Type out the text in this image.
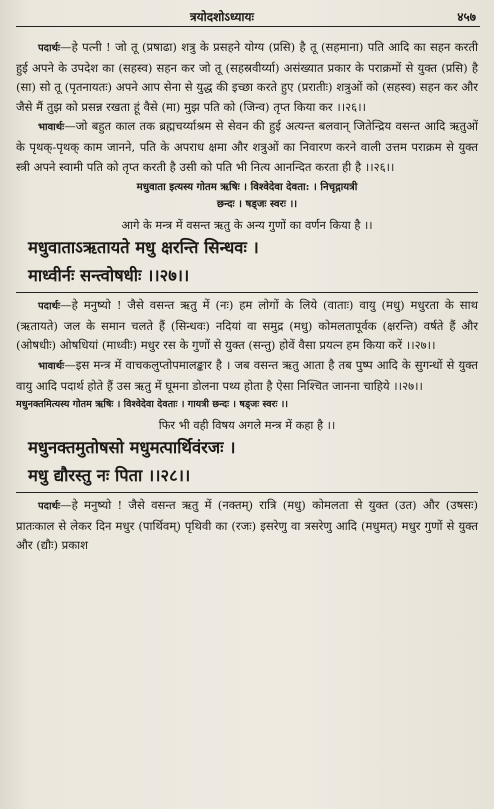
त्रयोदशोऽध्यायः	४५७

पदार्थः—हे पत्नी ! जो तू (प्रषाढा) शत्रु के प्रसहने योग्य (प्रसि) है तू (सहमाना) पति आदि का सहन करती हुई अपने के उपदेश का (सहस्व) सहन कर जो तू (सहस्रवीर्य्या) असंख्यात प्रकार के पराक्रमों से युक्त (प्रसि) है (सा) सो तू (पृतनायतः) अपने आप सेना से युद्ध की इच्छा करते हुए (प्ररातीः) शत्रुओं को (सहस्व) सहन कर और जैसे मैं तुझ को प्रसन्न रखता हूं वैसे (मा) मुझ पति को (जिन्व) तृप्त किया कर ।।२६।।

भावार्थः—जो बहुत काल तक ब्रह्मचर्य्याश्रम से सेवन की हुई अत्यन्त बलवान् जितेन्द्रिय वसन्त आदि ऋतुओं के पृथक्-पृथक् काम जानने, पति के अपराध क्षमा और शत्रुओं का निवारण करने वाली उत्तम पराक्रम से युक्त स्त्री अपने स्वामी पति को तृप्त करती है उसी को पति भी नित्य आनन्दित करता ही है ।।२६।।

मधुवाता इत्यस्य गोतम ऋषिः । विश्वेदेवा देवता: । निचृद्गायत्री

छन्दः । षड्जः स्वरः ।।

आगे के मन्त्र में वसन्त ऋतु के अन्य गुणों का वर्णन किया है ।।

मधुवाताऽऋतायते मधु क्षरन्ति सिन्धवः ।

माध्वीर्नः सन्त्वोषधीः ।।२७।।

पदार्थः—हे मनुष्यो ! जैसे वसन्त ऋतु में (नः) हम लोगों के लिये (वाताः) वायु (मधु) मधुरता के साथ (ऋतायते) जल के समान चलते हैं (सिन्धवः) नदियां वा समुद्र (मधु) कोमलतापूर्वक (क्षरन्ति) वर्षते हैं और (ओषधीः) ओषधियां (माध्वीः) मधुर रस के गुणों से युक्त (सन्तु) होवें वैसा प्रयत्न हम किया करें ।।२७।।

भावार्थः—इस मन्त्र में वाचकलुप्तोपमालङ्कार है । जब वसन्त ऋतु आता है तब पुष्प आदि के सुगन्धों से युक्त वायु आदि पदार्थ होते हैं उस ऋतु में घूमना डोलना पथ्य होता है ऐसा निश्चित जानना चाहिये ।।२७।।

मधुनक्तमित्यस्य गोतम ऋषिः । विश्वेदेवा देवताः । गायत्री छन्दः । षड्जः स्वरः ।।

फिर भी वही विषय अगले मन्त्र में कहा है ।।

मधुनक्तमुतोषसो मधुमत्पार्थिवंरजः ।

मधु द्यौरस्तु नः पिता ।।२८।।

पदार्थः—हे मनुष्यो ! जैसे वसन्त ऋतु में (नक्तम्) रात्रि (मधु) कोमलता से युक्त (उत) और (उषसः) प्रातःकाल से लेकर दिन मधुर (पार्थिवम्) पृथिवी का (रजः) इसरेणु वा त्रसरेणु आदि (मधुमत्) मधुर गुणों से युक्त और (द्यौः) प्रकाश
